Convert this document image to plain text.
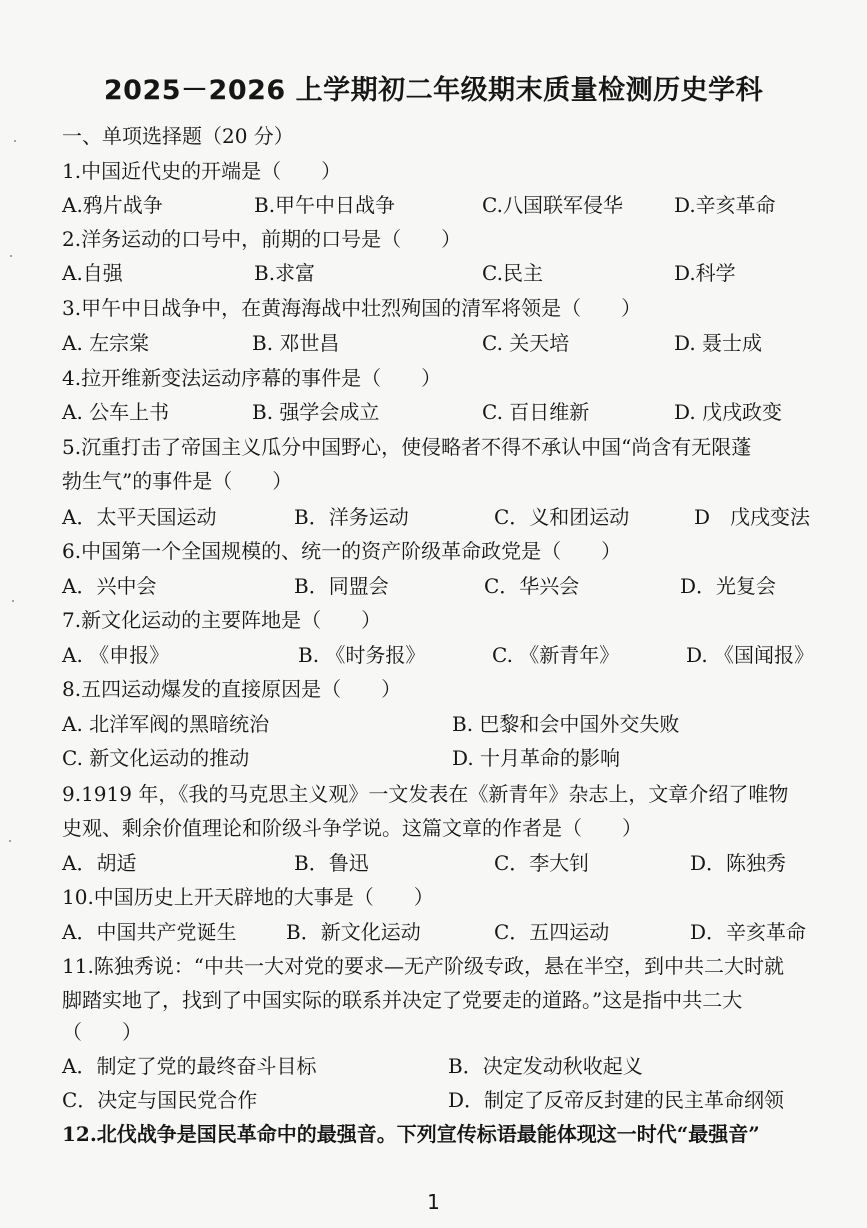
2025－2026 上学期初二年级期末质量检测历史学科
一、单项选择题（20 分）
1.中国近代史的开端是（　　）
A.鸦片战争	B.甲午中日战争	C.八国联军侵华	D.辛亥革命
2.洋务运动的口号中，前期的口号是（　　）
A.自强	B.求富	C.民主	D.科学
3.甲午中日战争中，在黄海海战中壮烈殉国的清军将领是（　　）
A. 左宗棠	B. 邓世昌	C. 关天培	D. 聂士成
4.拉开维新变法运动序幕的事件是（　　）
A. 公车上书	B. 强学会成立	C. 百日维新	D. 戊戌政变
5.沉重打击了帝国主义瓜分中国野心，使侵略者不得不承认中国“尚含有无限蓬
勃生气”的事件是（　　）
A．太平天国运动	B．洋务运动	C．义和团运动	D　戊戌变法
6.中国第一个全国规模的、统一的资产阶级革命政党是（　　）
A．兴中会	B．同盟会	C．华兴会	D．光复会
7.新文化运动的主要阵地是（　　）
A. 《申报》	B. 《时务报》	C. 《新青年》	D. 《国闻报》
8.五四运动爆发的直接原因是（　　）
A. 北洋军阀的黑暗统治	B. 巴黎和会中国外交失败
C. 新文化运动的推动	D. 十月革命的影响
9.1919 年，《我的马克思主义观》一文发表在《新青年》杂志上，文章介绍了唯物
史观、剩余价值理论和阶级斗争学说。这篇文章的作者是（　　）
A．胡适	B．鲁迅	C．李大钊	D．陈独秀
10.中国历史上开天辟地的大事是（　　）
A．中国共产党诞生 B．新文化运动	C．五四运动	D．辛亥革命
11.陈独秀说：“中共一大对党的要求—无产阶级专政，悬在半空，到中共二大时就
脚踏实地了，找到了中国实际的联系并决定了党要走的道路。”这是指中共二大
（　　）
A．制定了党的最终奋斗目标	B．决定发动秋收起义
C．决定与国民党合作	D．制定了反帝反封建的民主革命纲领
12.北伐战争是国民革命中的最强音。下列宣传标语最能体现这一时代“最强音”
1
